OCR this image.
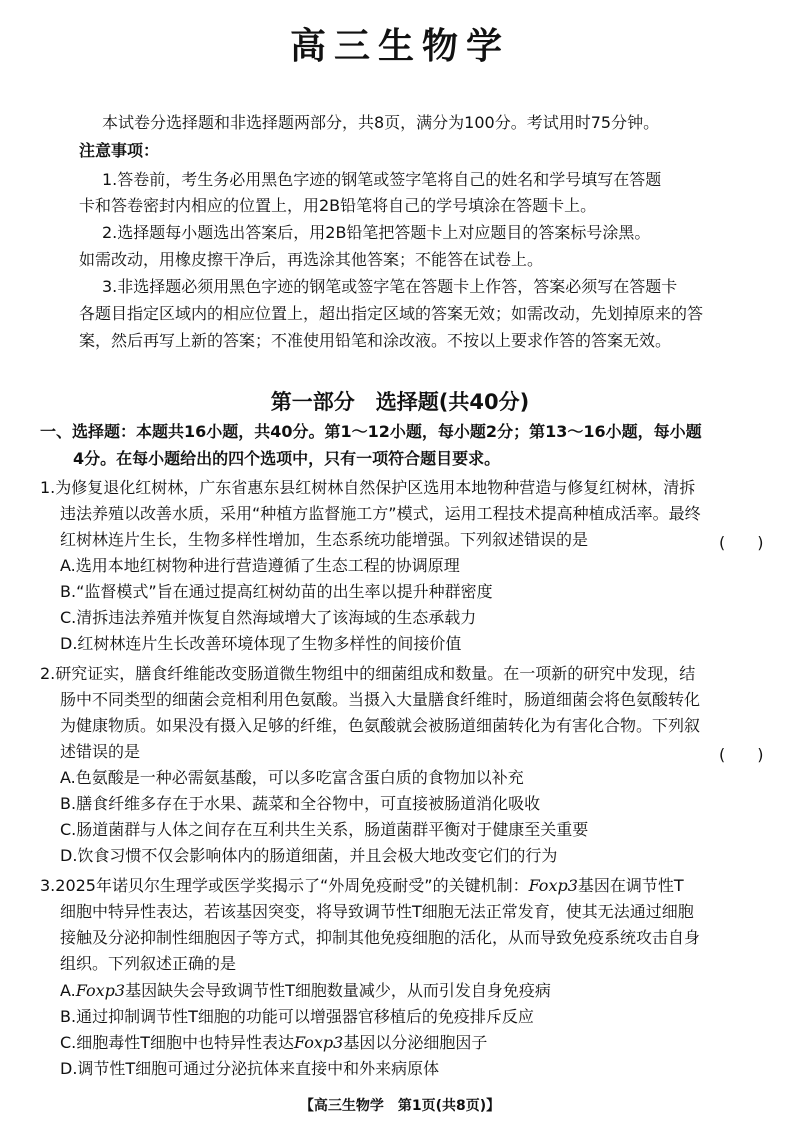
高三生物学
本试卷分选择题和非选择题两部分，共8页，满分为100分。考试用时75分钟。
注意事项：
1.答卷前，考生务必用黑色字迹的钢笔或签字笔将自己的姓名和学号填写在答题
卡和答卷密封内相应的位置上，用2B铅笔将自己的学号填涂在答题卡上。
2.选择题每小题选出答案后，用2B铅笔把答题卡上对应题目的答案标号涂黑。
如需改动，用橡皮擦干净后，再选涂其他答案；不能答在试卷上。
3.非选择题必须用黑色字迹的钢笔或签字笔在答题卡上作答，答案必须写在答题卡
各题目指定区域内的相应位置上，超出指定区域的答案无效；如需改动，先划掉原来的答
案，然后再写上新的答案；不准使用铅笔和涂改液。不按以上要求作答的答案无效。
第一部分　选择题(共40分)
一、选择题：本题共16小题，共40分。第1～12小题，每小题2分；第13～16小题，每小题
4分。在每小题给出的四个选项中，只有一项符合题目要求。
1.为修复退化红树林，广东省惠东县红树林自然保护区选用本地物种营造与修复红树林，清拆
违法养殖以改善水质，采用“种植方监督施工方”模式，运用工程技术提高种植成活率。最终
红树林连片生长，生物多样性增加，生态系统功能增强。下列叙述错误的是	(　　)
A.选用本地红树物种进行营造遵循了生态工程的协调原理
B.“监督模式”旨在通过提高红树幼苗的出生率以提升种群密度
C.清拆违法养殖并恢复自然海域增大了该海域的生态承载力
D.红树林连片生长改善环境体现了生物多样性的间接价值
2.研究证实，膳食纤维能改变肠道微生物组中的细菌组成和数量。在一项新的研究中发现，结
肠中不同类型的细菌会竞相利用色氨酸。当摄入大量膳食纤维时，肠道细菌会将色氨酸转化
为健康物质。如果没有摄入足够的纤维，色氨酸就会被肠道细菌转化为有害化合物。下列叙
述错误的是	(　　)
A.色氨酸是一种必需氨基酸，可以多吃富含蛋白质的食物加以补充
B.膳食纤维多存在于水果、蔬菜和全谷物中，可直接被肠道消化吸收
C.肠道菌群与人体之间存在互利共生关系，肠道菌群平衡对于健康至关重要
D.饮食习惯不仅会影响体内的肠道细菌，并且会极大地改变它们的行为
3.2025年诺贝尔生理学或医学奖揭示了“外周免疫耐受”的关键机制：Foxp3基因在调节性T
细胞中特异性表达，若该基因突变，将导致调节性T细胞无法正常发育，使其无法通过细胞
接触及分泌抑制性细胞因子等方式，抑制其他免疫细胞的活化，从而导致免疫系统攻击自身
组织。下列叙述正确的是
A.Foxp3基因缺失会导致调节性T细胞数量减少，从而引发自身免疫病
B.通过抑制调节性T细胞的功能可以增强器官移植后的免疫排斥反应
C.细胞毒性T细胞中也特异性表达Foxp3基因以分泌细胞因子
D.调节性T细胞可通过分泌抗体来直接中和外来病原体
【高三生物学　第1页(共8页)】
